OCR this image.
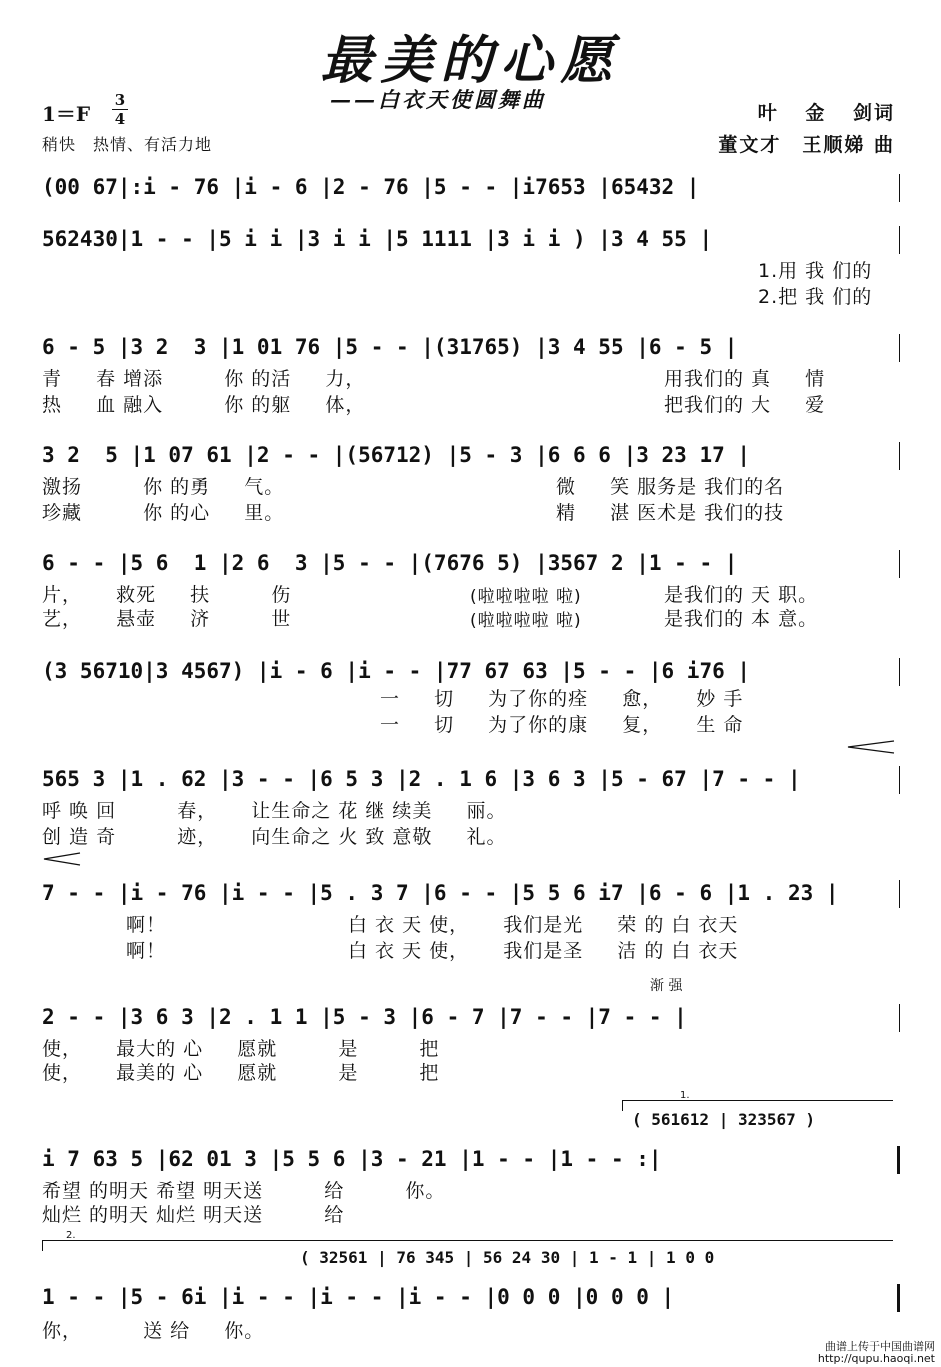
最美的心愿
——白衣天使圆舞曲
1＝F
3
4
稍快　热情、有活力地
叶 金 剑词
董文才　王顺娣 曲
(00 67|:i - 76 |i - 6 |2 - 76 |5 - - |i7653 |65432 |
562430|1 - - |5 i i |3 i i |5 1111 |3 i i ) |3 4 55 |
1.用 我 们的
2.把 我 们的
6 - 5 |3 2  3 |1 01 76 |5 - - |(31765) |3 4 55 |6 - 5 |
青 　 春 增添 　 　 你 的活 　 力，	用我们的 真 　 情
热 　 血 融入 　 　 你 的躯 　 体，	把我们的 大 　 爱
3 2  5 |1 07 61 |2 - - |(56712) |5 - 3 |6 6 6 |3 23 17 |
激扬 　 　 你 的勇 　 气。	微 　 笑 服务是 我们的名
珍藏 　 　 你 的心 　 里。	精 　 湛 医术是 我们的技
6 - - |5 6  1 |2 6  3 |5 - - |(7676 5) |3567 2 |1 - - |
片， 　 救死 　 扶 　 　 伤	(啦啦啦啦 啦)	是我们的 天 职。
艺， 　 悬壶 　 济 　 　 世	(啦啦啦啦 啦)	是我们的 本 意。
(3 56710|3 4567) |i - 6 |i - - |77 67 63 |5 - - |6 i76 |
一 　 切 　 为了你的痊 　 愈， 　 妙 手
一 　 切 　 为了你的康 　 复， 　 生 命
565 3 |1 . 62 |3 - - |6 5 3 |2 . 1 6 |3 6 3 |5 - 67 |7 - - |
呼 唤 回 　 　 春， 　 让生命之 花 继 续美 　 丽。
创 造 奇 　 　 迹， 　 向生命之 火 致 意敬 　 礼。
7 - - |i - 76 |i - - |5 . 3 7 |6 - - |5 5 6 i7 |6 - 6 |1 . 23 |
啊！	白 衣 天 使， 　 我们是光 　 荣 的 白 衣天
啊！	白 衣 天 使， 　 我们是圣 　 洁 的 白 衣天
渐 强
2 - - |3 6 3 |2 . 1 1 |5 - 3 |6 - 7 |7 - - |7 - - |
使， 　 最大的 心 　 愿就 　 　 是 　 　 把
使， 　 最美的 心 　 愿就 　 　 是 　 　 把
1.
( 561612 | 323567 )
i 7 63 5 |62 01 3 |5 5 6 |3 - 21 |1 - - |1 - - :|
希望 的明天 希望 明天送 　 　 给 　 　 你。
灿烂 的明天 灿烂 明天送 　 　 给
2.
( 32561 | 76 345 | 56 24 30 | 1 - 1 | 1 0 0
1 - - |5 - 6i |i - - |i - - |i - - |0 0 0 |0 0 0 |
你， 　 　 送 给 　 你。
曲谱上传于中国曲谱网
http://qupu.haoqi.net
